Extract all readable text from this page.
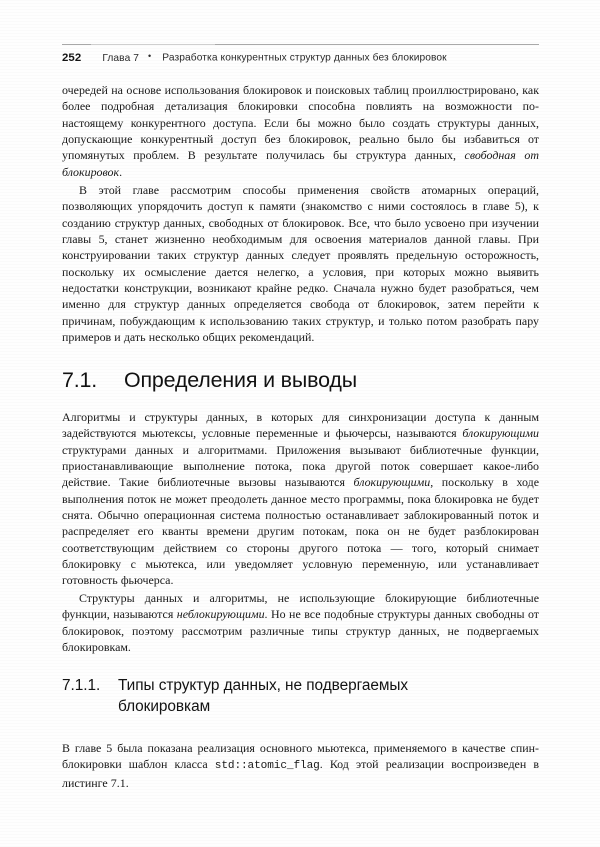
252 Глава 7 • Разработка конкурентных структур данных без блокировок

очередей на основе использования блокировок и поисковых таблиц проиллюстрировано, как более подробная детализация блокировки способна повлиять на возможности по-настоящему конкурентного доступа. Если бы можно было создать структуры данных, допускающие конкурентный доступ без блокировок, реально было бы избавиться от упомянутых проблем. В результате получилась бы структура данных, свободная от блокировок.

В этой главе рассмотрим способы применения свойств атомарных операций, позволяющих упорядочить доступ к памяти (знакомство с ними состоялось в главе 5), к созданию структур данных, свободных от блокировок. Все, что было усвоено при изучении главы 5, станет жизненно необходимым для освоения материалов данной главы. При конструировании таких структур данных следует проявлять предельную осторожность, поскольку их осмысление дается нелегко, а условия, при которых можно выявить недостатки конструкции, возникают крайне редко. Сначала нужно будет разобраться, чем именно для структур данных определяется свобода от блокировок, затем перейти к причинам, побуждающим к использованию таких структур, и только потом разобрать пару примеров и дать несколько общих рекомендаций.

7.1. Определения и выводы

Алгоритмы и структуры данных, в которых для синхронизации доступа к данным задействуются мьютексы, условные переменные и фьючерсы, называются блокирующими структурами данных и алгоритмами. Приложения вызывают библиотечные функции, приостанавливающие выполнение потока, пока другой поток совершает какое-либо действие. Такие библиотечные вызовы называются блокирующими, поскольку в ходе выполнения поток не может преодолеть данное место программы, пока блокировка не будет снята. Обычно операционная система полностью останавливает заблокированный поток и распределяет его кванты времени другим потокам, пока он не будет разблокирован соответствующим действием со стороны другого потока — того, который снимает блокировку с мьютекса, или уведомляет условную переменную, или устанавливает готовность фьючерса.

Структуры данных и алгоритмы, не использующие блокирующие библиотечные функции, называются неблокирующими. Но не все подобные структуры данных свободны от блокировок, поэтому рассмотрим различные типы структур данных, не подвергаемых блокировкам.

7.1.1. Типы структур данных, не подвергаемых блокировкам

В главе 5 была показана реализация основного мьютекса, применяемого в качестве спин-блокировки шаблон класса std::atomic_flag. Код этой реализации воспроизведен в листинге 7.1.
